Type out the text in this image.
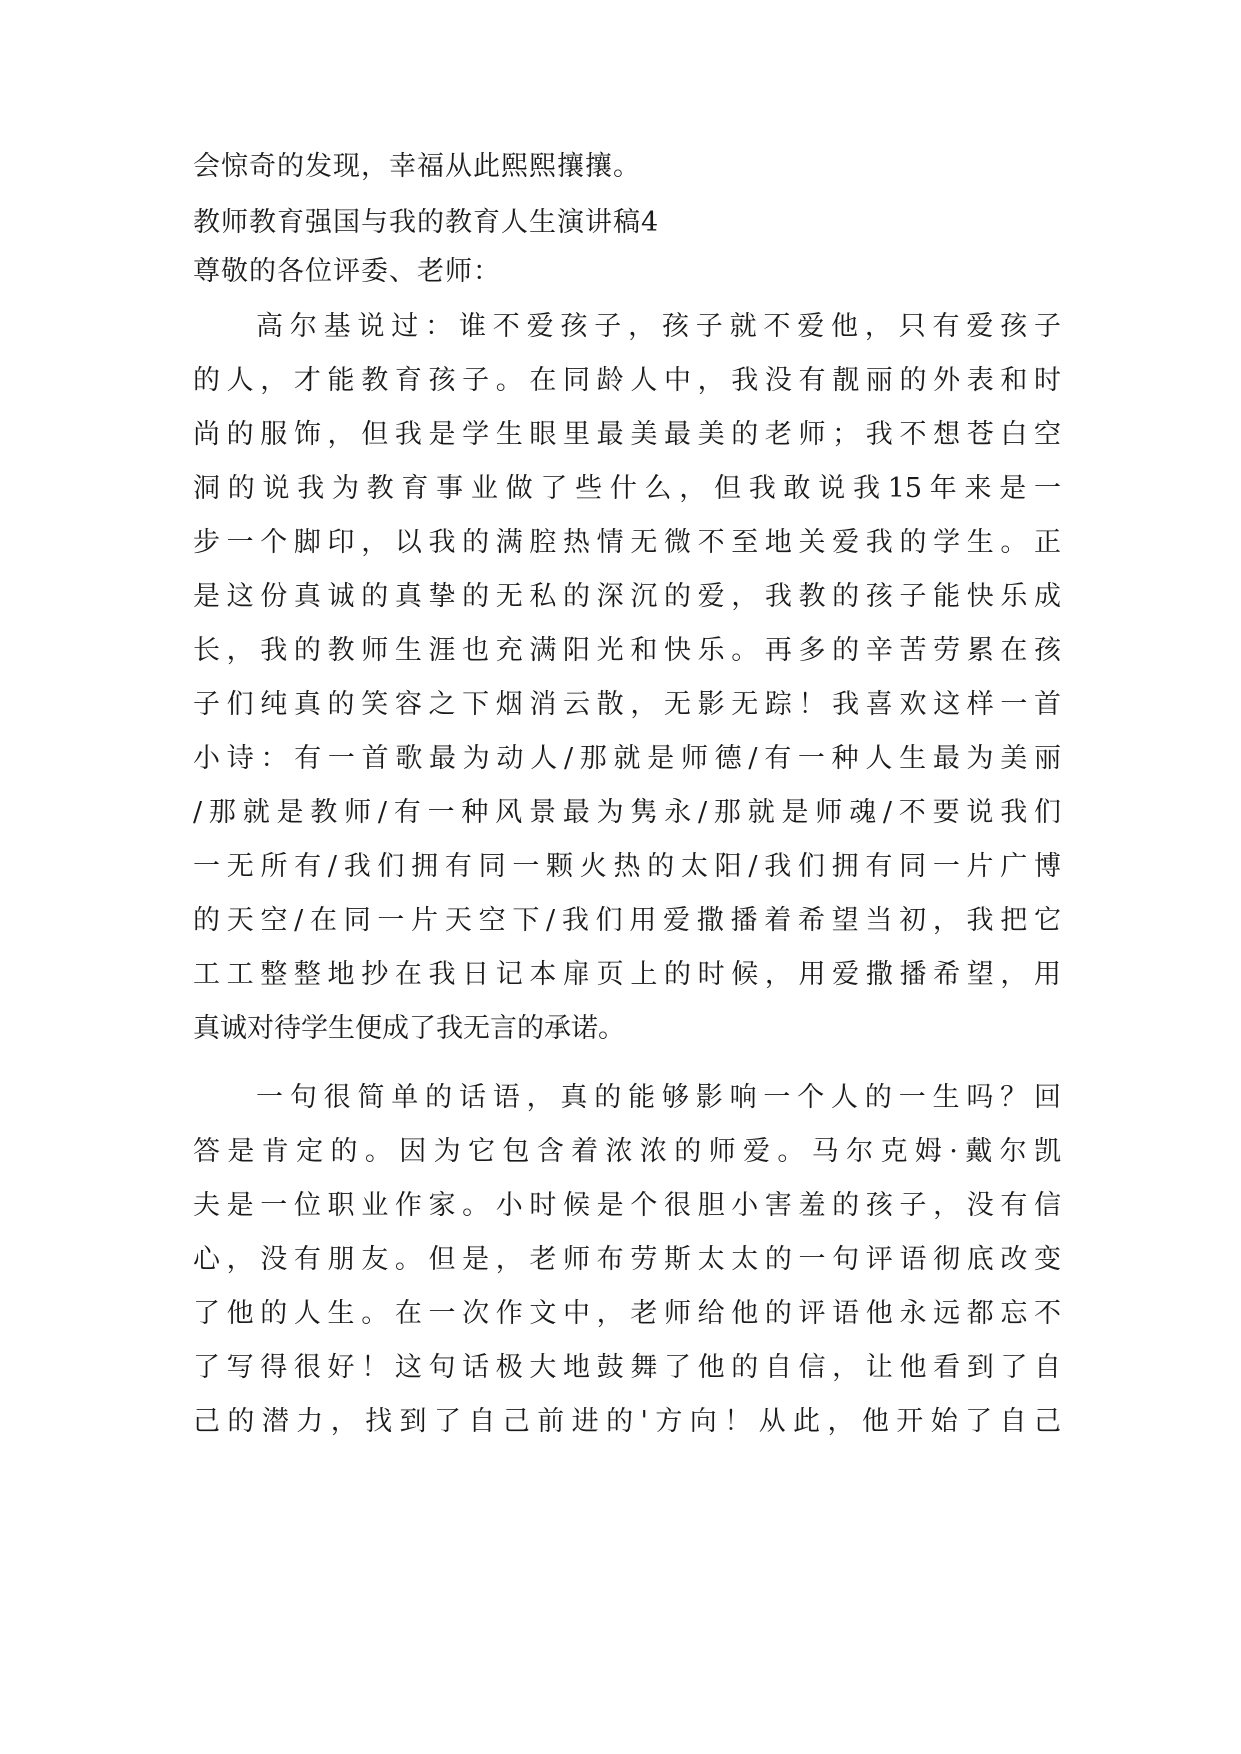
会惊奇的发现，幸福从此熙熙攘攘。
教师教育强国与我的教育人生演讲稿4
尊敬的各位评委、老师：
高尔基说过：谁不爱孩子，孩子就不爱他，只有爱孩子
的人，才能教育孩子。在同龄人中，我没有靓丽的外表和时
尚的服饰，但我是学生眼里最美最美的老师；我不想苍白空
洞的说我为教育事业做了些什么，但我敢说我15年来是一
步一个脚印，以我的满腔热情无微不至地关爱我的学生。正
是这份真诚的真挚的无私的深沉的爱，我教的孩子能快乐成
长，我的教师生涯也充满阳光和快乐。再多的辛苦劳累在孩
子们纯真的笑容之下烟消云散，无影无踪！我喜欢这样一首
小诗：有一首歌最为动人/那就是师德/有一种人生最为美丽
/那就是教师/有一种风景最为隽永/那就是师魂/不要说我们
一无所有/我们拥有同一颗火热的太阳/我们拥有同一片广博
的天空/在同一片天空下/我们用爱撒播着希望当初，我把它
工工整整地抄在我日记本扉页上的时候，用爱撒播希望，用
真诚对待学生便成了我无言的承诺。
一句很简单的话语，真的能够影响一个人的一生吗？回
答是肯定的。因为它包含着浓浓的师爱。马尔克姆·戴尔凯
夫是一位职业作家。小时候是个很胆小害羞的孩子，没有信
心，没有朋友。但是，老师布劳斯太太的一句评语彻底改变
了他的人生。在一次作文中，老师给他的评语他永远都忘不
了写得很好！这句话极大地鼓舞了他的自信，让他看到了自
己的潜力，找到了自己前进的'方向！从此，他开始了自己
